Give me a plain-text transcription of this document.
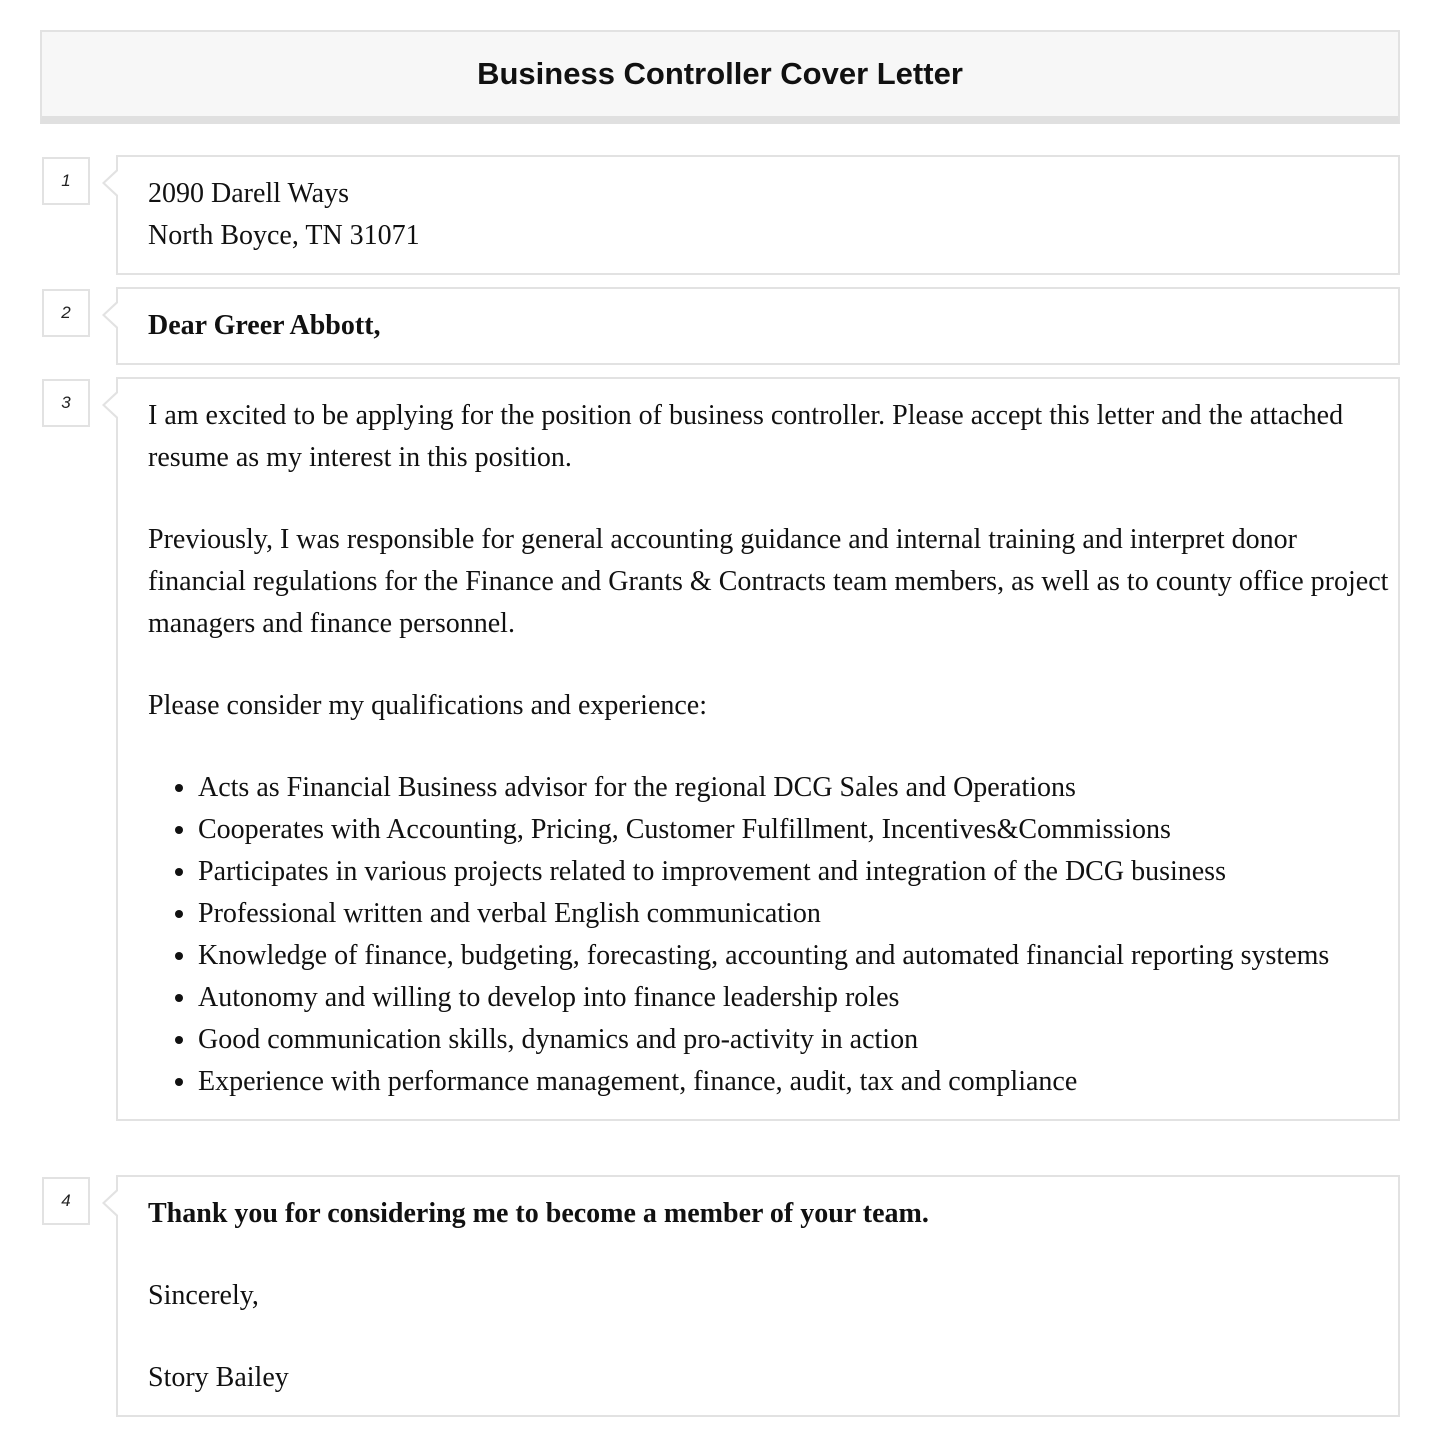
Business Controller Cover Letter
1	2090 Darell Ways
North Boyce, TN 31071
2	Dear Greer Abbott,
3	I am excited to be applying for the position of business controller. Please accept this letter and the attached resume as my interest in this position.

Previously, I was responsible for general accounting guidance and internal training and interpret donor financial regulations for the Finance and Grants & Contracts team members, as well as to county office project managers and finance personnel.

Please consider my qualifications and experience:

• Acts as Financial Business advisor for the regional DCG Sales and Operations
• Cooperates with Accounting, Pricing, Customer Fulfillment, Incentives&Commissions
• Participates in various projects related to improvement and integration of the DCG business
• Professional written and verbal English communication
• Knowledge of finance, budgeting, forecasting, accounting and automated financial reporting systems
• Autonomy and willing to develop into finance leadership roles
• Good communication skills, dynamics and pro-activity in action
• Experience with performance management, finance, audit, tax and compliance
4	Thank you for considering me to become a member of your team.

Sincerely,

Story Bailey
